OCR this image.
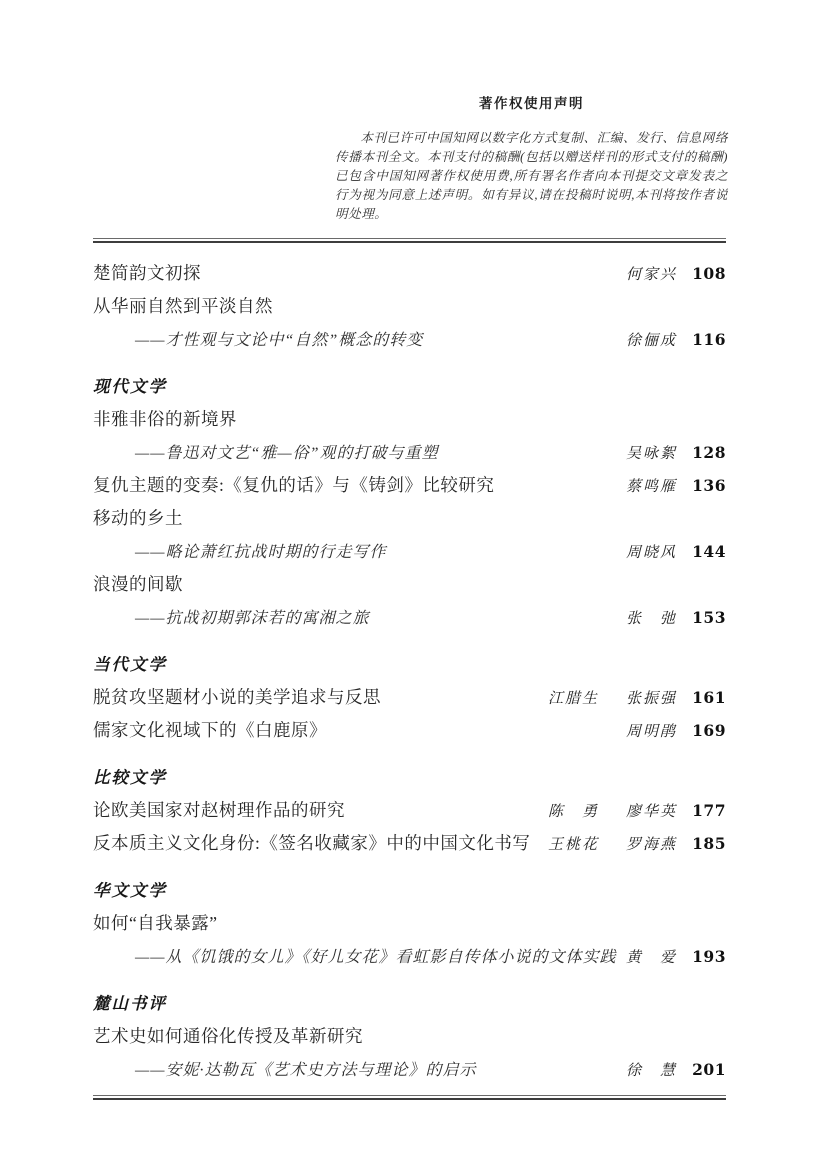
著作权使用声明

本刊已许可中国知网以数字化方式复制、汇编、发行、信息网络传播本刊全文。本刊支付的稿酬(包括以赠送样刊的形式支付的稿酬)已包含中国知网著作权使用费,所有署名作者向本刊提交文章发表之行为视为同意上述声明。如有异议,请在投稿时说明,本刊将按作者说明处理。

楚简韵文初探	何家兴 108
从华丽自然到平淡自然
——才性观与文论中“自然”概念的转变	徐俪成 116
现代文学
非雅非俗的新境界
——鲁迅对文艺“雅—俗”观的打破与重塑	吴咏絮 128
复仇主题的变奏:《复仇的话》与《铸剑》比较研究	蔡鸣雁 136
移动的乡土
——略论萧红抗战时期的行走写作	周晓风 144
浪漫的间歇
——抗战初期郭沫若的寓湘之旅	张　弛 153
当代文学
脱贫攻坚题材小说的美学追求与反思	江腊生 张振强 161
儒家文化视域下的《白鹿原》	周明鹃 169
比较文学
论欧美国家对赵树理作品的研究	陈　勇 廖华英 177
反本质主义文化身份:《签名收藏家》中的中国文化书写	王桃花 罗海燕 185
华文文学
如何“自我暴露”
——从《饥饿的女儿》《好儿女花》看虹影自传体小说的文体实践 黄　爱 193
麓山书评
艺术史如何通俗化传授及革新研究
——安妮·达勒瓦《艺术史方法与理论》的启示	徐　慧 201
